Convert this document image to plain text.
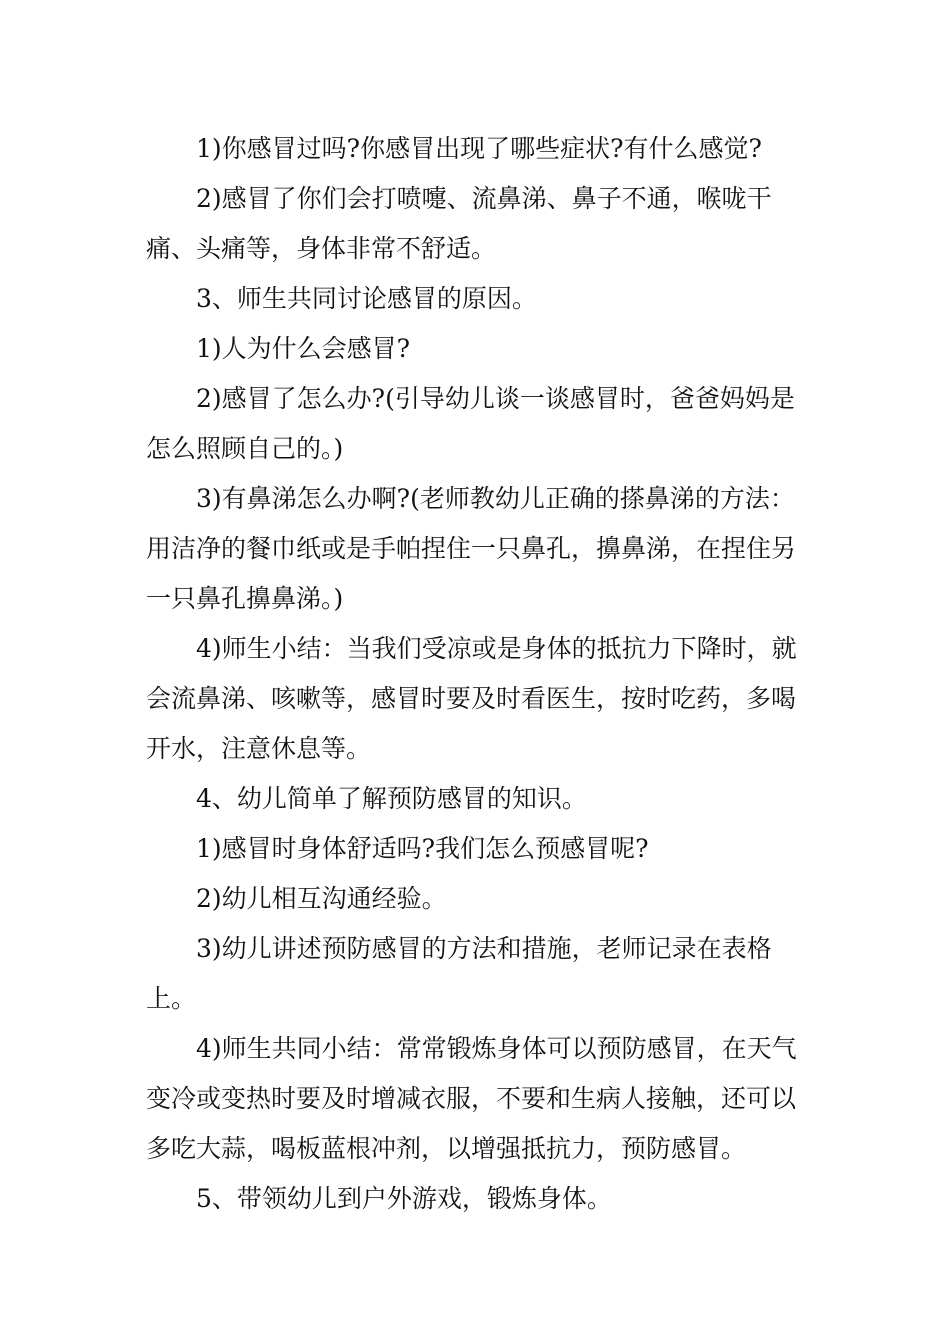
1)你感冒过吗?你感冒出现了哪些症状?有什么感觉?

2)感冒了你们会打喷嚏、流鼻涕、鼻子不通，喉咙干痛、头痛等，身体非常不舒适。

3、师生共同讨论感冒的原因。

1)人为什么会感冒?

2)感冒了怎么办?(引导幼儿谈一谈感冒时，爸爸妈妈是怎么照顾自己的。)

3)有鼻涕怎么办啊?(老师教幼儿正确的搽鼻涕的方法：用洁净的餐巾纸或是手帕捏住一只鼻孔，擤鼻涕，在捏住另一只鼻孔擤鼻涕。)

4)师生小结：当我们受凉或是身体的抵抗力下降时，就会流鼻涕、咳嗽等，感冒时要及时看医生，按时吃药，多喝开水，注意休息等。

4、幼儿简单了解预防感冒的知识。

1)感冒时身体舒适吗?我们怎么预感冒呢?

2)幼儿相互沟通经验。

3)幼儿讲述预防感冒的方法和措施，老师记录在表格上。

4)师生共同小结：常常锻炼身体可以预防感冒，在天气变冷或变热时要及时增减衣服，不要和生病人接触，还可以多吃大蒜，喝板蓝根冲剂，以增强抵抗力，预防感冒。

5、带领幼儿到户外游戏，锻炼身体。
